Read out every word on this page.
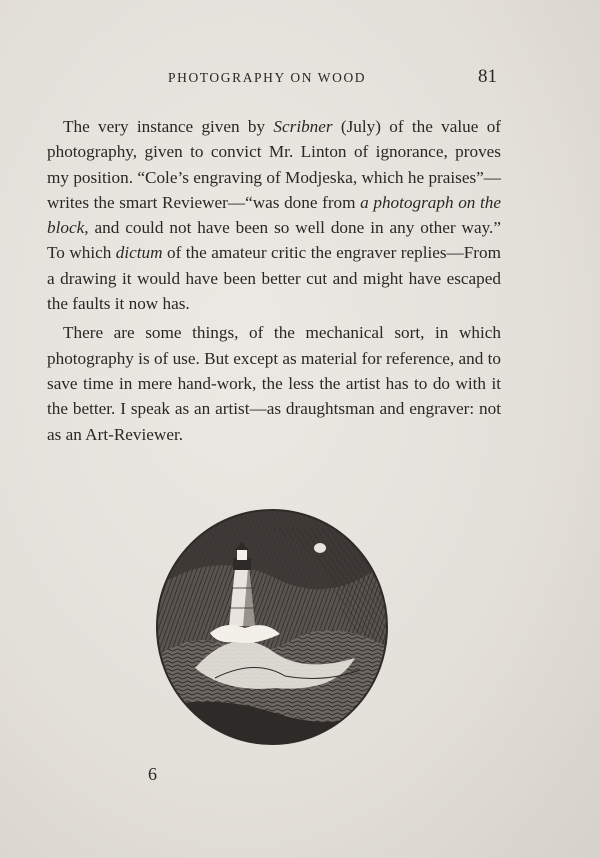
PHOTOGRAPHY ON WOOD	81

The very instance given by Scribner (July) of the value of photography, given to convict Mr. Linton of ignorance, proves my position. “Cole’s engraving of Modjeska, which he praises”—writes the smart Reviewer—“was done from a photograph on the block, and could not have been so well done in any other way.” To which dictum of the amateur critic the engraver replies—From a drawing it would have been better cut and might have escaped the faults it now has.

There are some things, of the mechanical sort, in which photography is of use. But except as material for reference, and to save time in mere hand-work, the less the artist has to do with it the better. I speak as an artist—as draughtsman and engraver: not as an Art-Reviewer.

6
